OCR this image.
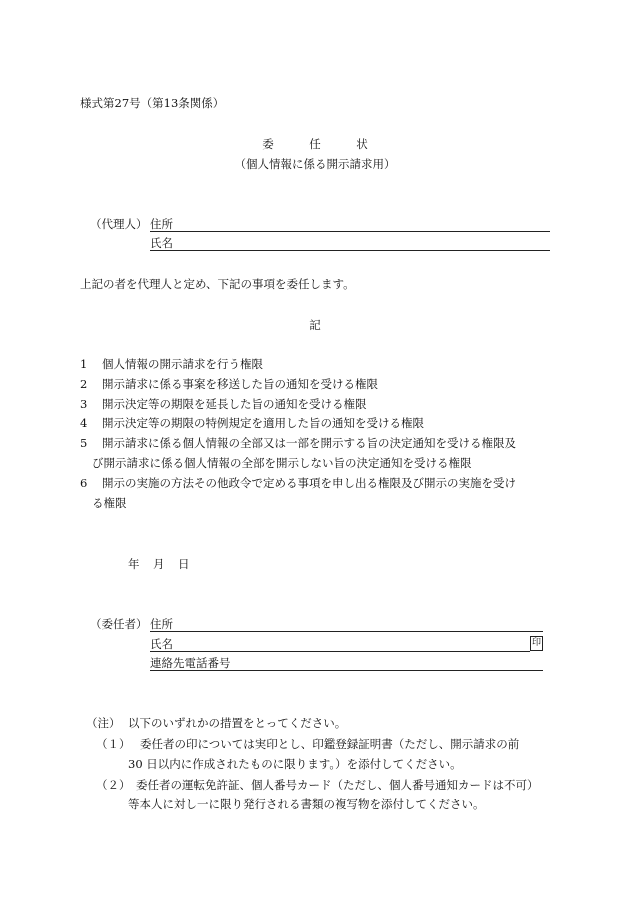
様式第27号（第13条関係）
委　任　状
（個人情報に係る開示請求用）
（代理人） 住所
氏名
上記の者を代理人と定め、下記の事項を委任します。
記
1 個人情報の開示請求を行う権限
2 開示請求に係る事案を移送した旨の通知を受ける権限
3 開示決定等の期限を延長した旨の通知を受ける権限
4 開示決定等の期限の特例規定を適用した旨の通知を受ける権限
5 開示請求に係る個人情報の全部又は一部を開示する旨の決定通知を受ける権限及
び開示請求に係る個人情報の全部を開示しない旨の決定通知を受ける権限
6 開示の実施の方法その他政令で定める事項を申し出る権限及び開示の実施を受け
る権限
年 月 日
（委任者） 住所
氏名	印
連絡先電話番号
（注） 以下のいずれかの措置をとってください。
（１） 委任者の印については実印とし、印鑑登録証明書（ただし、開示請求の前
30 日以内に作成されたものに限ります。）を添付してください。
（２） 委任者の運転免許証、個人番号カード（ただし、個人番号通知カードは不可）
等本人に対し一に限り発行される書類の複写物を添付してください。
